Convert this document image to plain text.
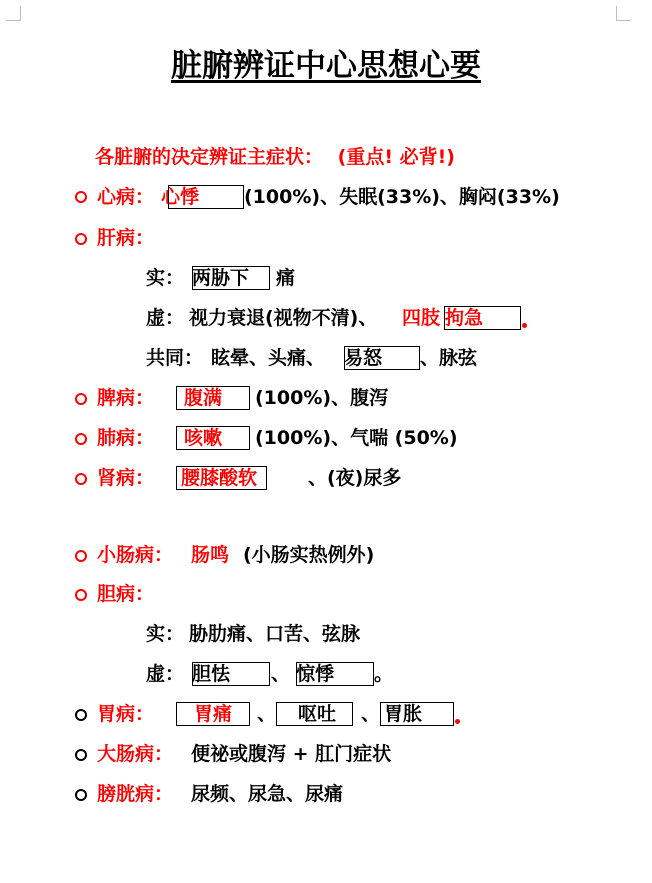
脏腑辨证中心思想心要
各脏腑的决定辨证主症状： (重点! 必背!)
心病： 心悸 (100%)、失眠(33%)、胸闷(33%)
肝病：
实： 两胁下 痛
虚： 视力衰退(视物不清)、 四肢 拘急
共同： 眩晕、头痛、 易怒 、脉弦
脾病： 腹满 (100%)、腹泻
肺病： 咳嗽 (100%)、气喘 (50%)
肾病： 腰膝酸软	、(夜)尿多
小肠病： 肠鸣 (小肠实热例外)
胆病：
实： 胁肋痛、口苦、弦脉
虚： 胆怯 、 惊悸 。
胃病： 胃痛 、 呕吐 、 胃胀
大肠病： 便祕或腹泻 + 肛门症状
膀胱病： 尿频、尿急、尿痛
